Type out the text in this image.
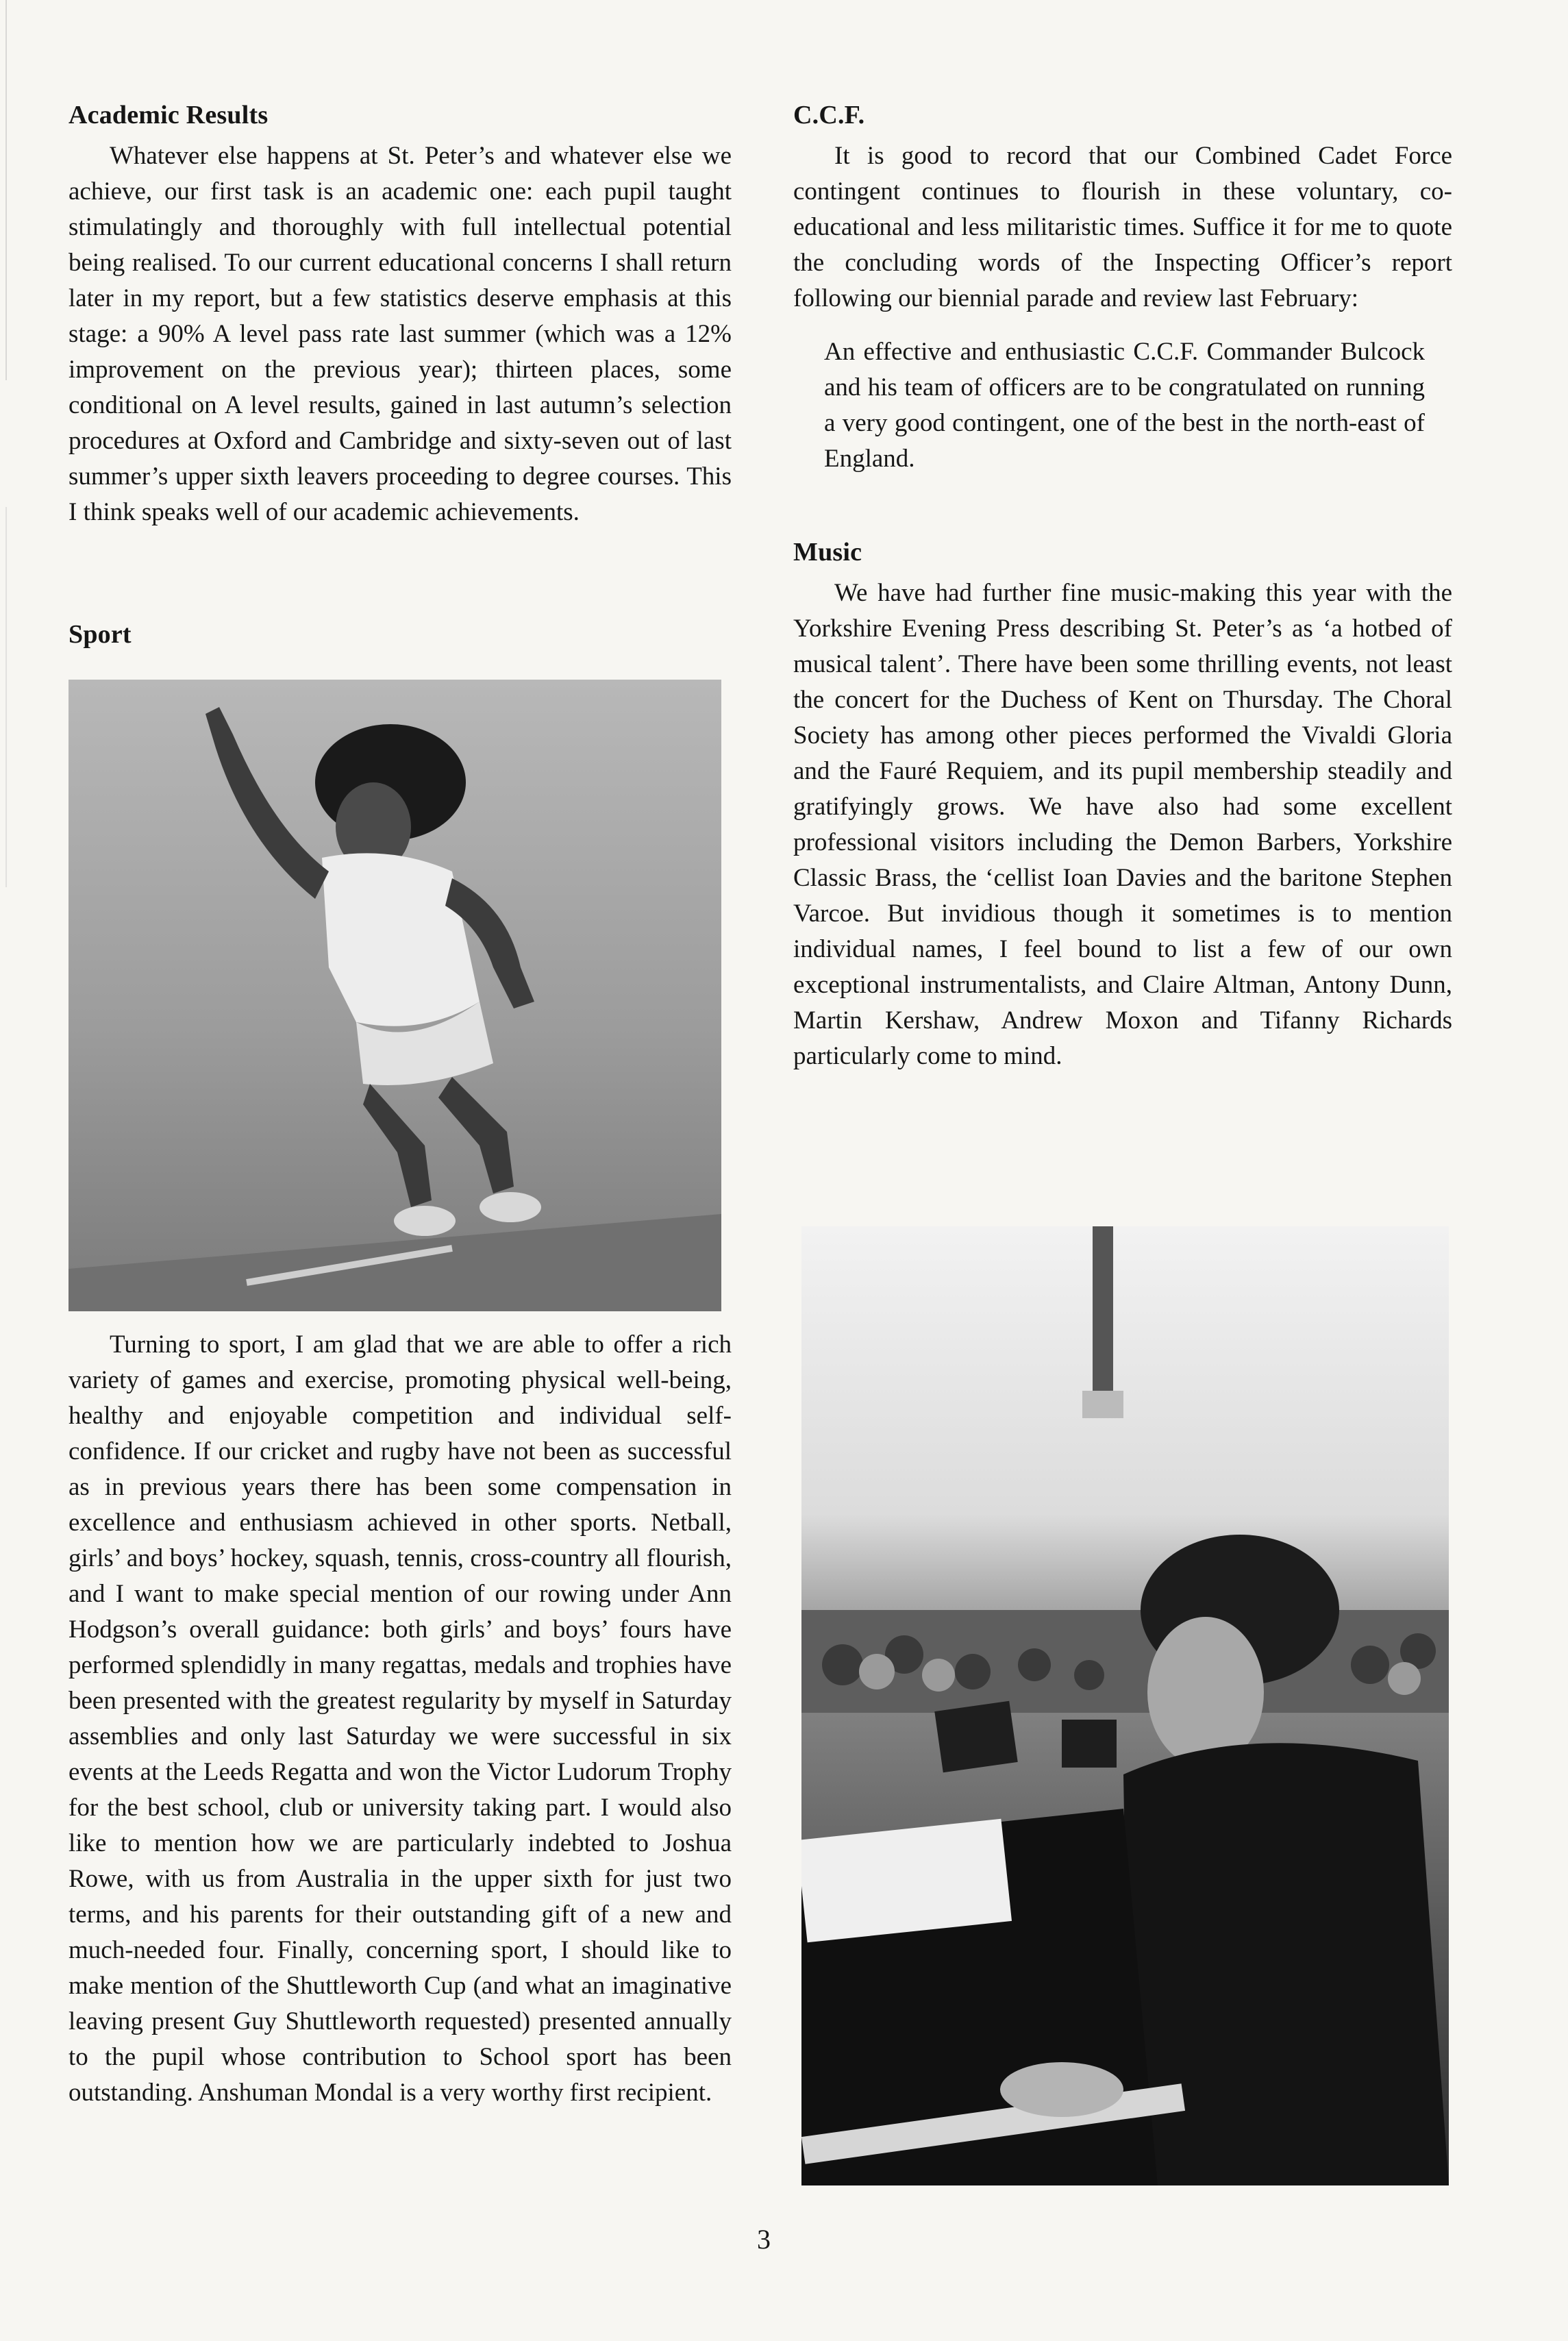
Academic Results

Whatever else happens at St. Peter’s and whatever else we achieve, our first task is an academic one: each pupil taught stimulatingly and thoroughly with full intellectual potential being realised. To our current educational concerns I shall return later in my report, but a few statistics deserve emphasis at this stage: a 90% A level pass rate last summer (which was a 12% improvement on the previous year); thirteen places, some conditional on A level results, gained in last autumn’s selection procedures at Oxford and Cambridge and sixty-seven out of last summer’s upper sixth leavers proceeding to degree courses. This I think speaks well of our academic achievements.

Sport

Turning to sport, I am glad that we are able to offer a rich variety of games and exercise, promoting physical well-being, healthy and enjoyable competition and individual self-confidence. If our cricket and rugby have not been as successful as in previous years there has been some compensation in excellence and enthusiasm achieved in other sports. Netball, girls’ and boys’ hockey, squash, tennis, cross-country all flourish, and I want to make special mention of our rowing under Ann Hodgson’s overall guidance: both girls’ and boys’ fours have performed splendidly in many regattas, medals and trophies have been presented with the greatest regularity by myself in Saturday assemblies and only last Saturday we were successful in six events at the Leeds Regatta and won the Victor Ludorum Trophy for the best school, club or university taking part. I would also like to mention how we are particularly indebted to Joshua Rowe, with us from Australia in the upper sixth for just two terms, and his parents for their outstanding gift of a new and much-needed four. Finally, concerning sport, I should like to make mention of the Shuttleworth Cup (and what an imaginative leaving present Guy Shuttleworth requested) presented annually to the pupil whose contribution to School sport has been outstanding. Anshuman Mondal is a very worthy first recipient.

C.C.F.

It is good to record that our Combined Cadet Force contingent continues to flourish in these voluntary, co-educational and less militaristic times. Suffice it for me to quote the concluding words of the Inspecting Officer’s report following our biennial parade and review last February:

An effective and enthusiastic C.C.F. Commander Bulcock and his team of officers are to be congratulated on running a very good contingent, one of the best in the north-east of England.

Music

We have had further fine music-making this year with the Yorkshire Evening Press describing St. Peter’s as ‘a hotbed of musical talent’. There have been some thrilling events, not least the concert for the Duchess of Kent on Thursday. The Choral Society has among other pieces performed the Vivaldi Gloria and the Fauré Requiem, and its pupil membership steadily and gratifyingly grows. We have also had some excellent professional visitors including the Demon Barbers, Yorkshire Classic Brass, the ‘cellist Ioan Davies and the baritone Stephen Varcoe. But invidious though it sometimes is to mention individual names, I feel bound to list a few of our own exceptional instrumentalists, and Claire Altman, Antony Dunn, Martin Kershaw, Andrew Moxon and Tifanny Richards particularly come to mind.

3
